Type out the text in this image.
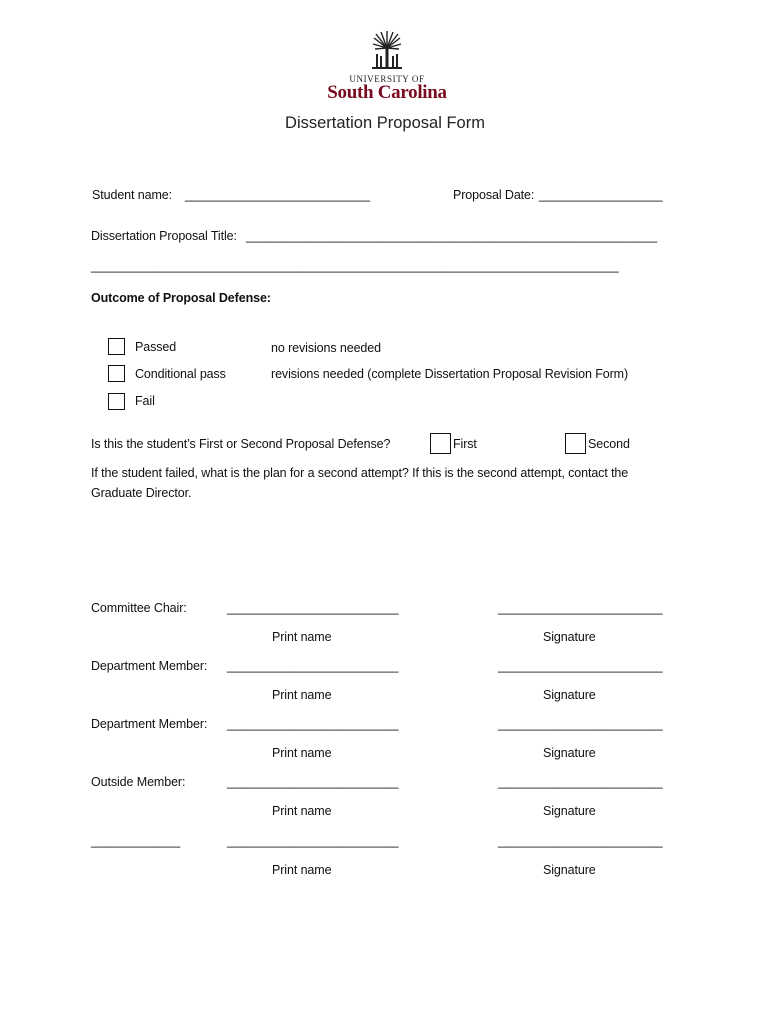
UNIVERSITY OF
South Carolina
Dissertation Proposal Form
Student name: ___________________________	Proposal Date: __________________
Dissertation Proposal Title: ____________________________________________________________
_____________________________________________________________________________
Outcome of Proposal Defense:
Passed	no revisions needed
Conditional pass	revisions needed (complete Dissertation Proposal Revision Form)
Fail
Is this the student’s First or Second Proposal Defense?	First	Second
If the student failed, what is the plan for a second attempt? If this is the second attempt, contact the
Graduate Director.
Committee Chair:	_________________________	________________________
Print name	Signature
Department Member: _________________________	________________________
Print name	Signature
Department Member: _________________________	________________________
Print name	Signature
Outside Member:	_________________________	________________________
Print name	Signature
_____________	_________________________	________________________
Print name	Signature
